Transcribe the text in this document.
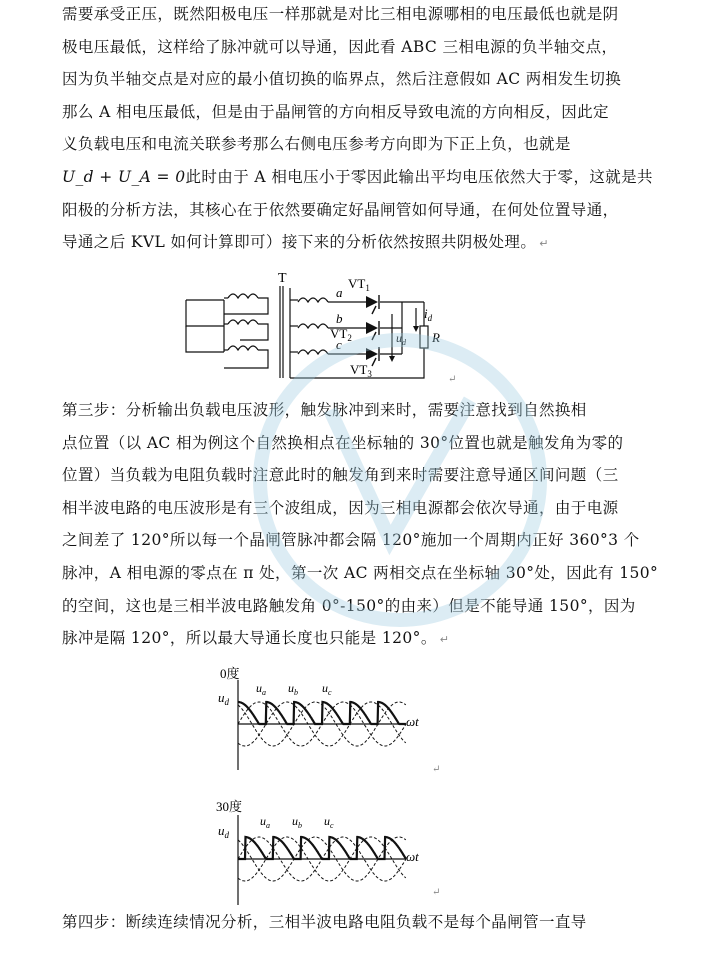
需要承受正压，既然阳极电压一样那就是对比三相电源哪相的电压最低也就是阴
极电压最低，这样给了脉冲就可以导通，因此看 ABC 三相电源的负半轴交点，
因为负半轴交点是对应的最小值切换的临界点，然后注意假如 AC 两相发生切换
那么 A 相电压最低，但是由于晶闸管的方向相反导致电流的方向相反，因此定
义负载电压和电流关联参考那么右侧电压参考方向即为下正上负，也就是
U_d + U_A = 0此时由于 A 相电压小于零因此输出平均电压依然大于零，这就是共
阳极的分析方法，其核心在于依然要确定好晶闸管如何导通，在何处位置导通，
导通之后 KVL 如何计算即可）接下来的分析依然按照共阴极处理。 ↵
T
a
b
c
$VT_1$
$VT_2$
$VT_3$
$i_d$
$u_d$ R
↵
第三步：分析输出负载电压波形，触发脉冲到来时，需要注意找到自然换相
点位置（以 AC 相为例这个自然换相点在坐标轴的 30°位置也就是触发角为零的
位置）当负载为电阻负载时注意此时的触发角到来时需要注意导通区间问题（三
相半波电路的电压波形是有三个波组成，因为三相电源都会依次导通，由于电源
之间差了 120°所以每一个晶闸管脉冲都会隔 120°施加一个周期内正好 360°3 个
脉冲，A 相电源的零点在 π 处，第一次 AC 两相交点在坐标轴 30°处，因此有 150°
的空间，这也是三相半波电路触发角 0°-150°的由来）但是不能导通 150°，因为
脉冲是隔 120°，所以最大导通长度也只能是 120°。 ↵
0度
$u_d$
$u_a$ $u_b$ $u_c$
ωt
↵
30度
$u_d$
$u_a$ $u_b$ $u_c$
ωt
↵
第四步：断续连续情况分析，三相半波电路电阻负载不是每个晶闸管一直导
